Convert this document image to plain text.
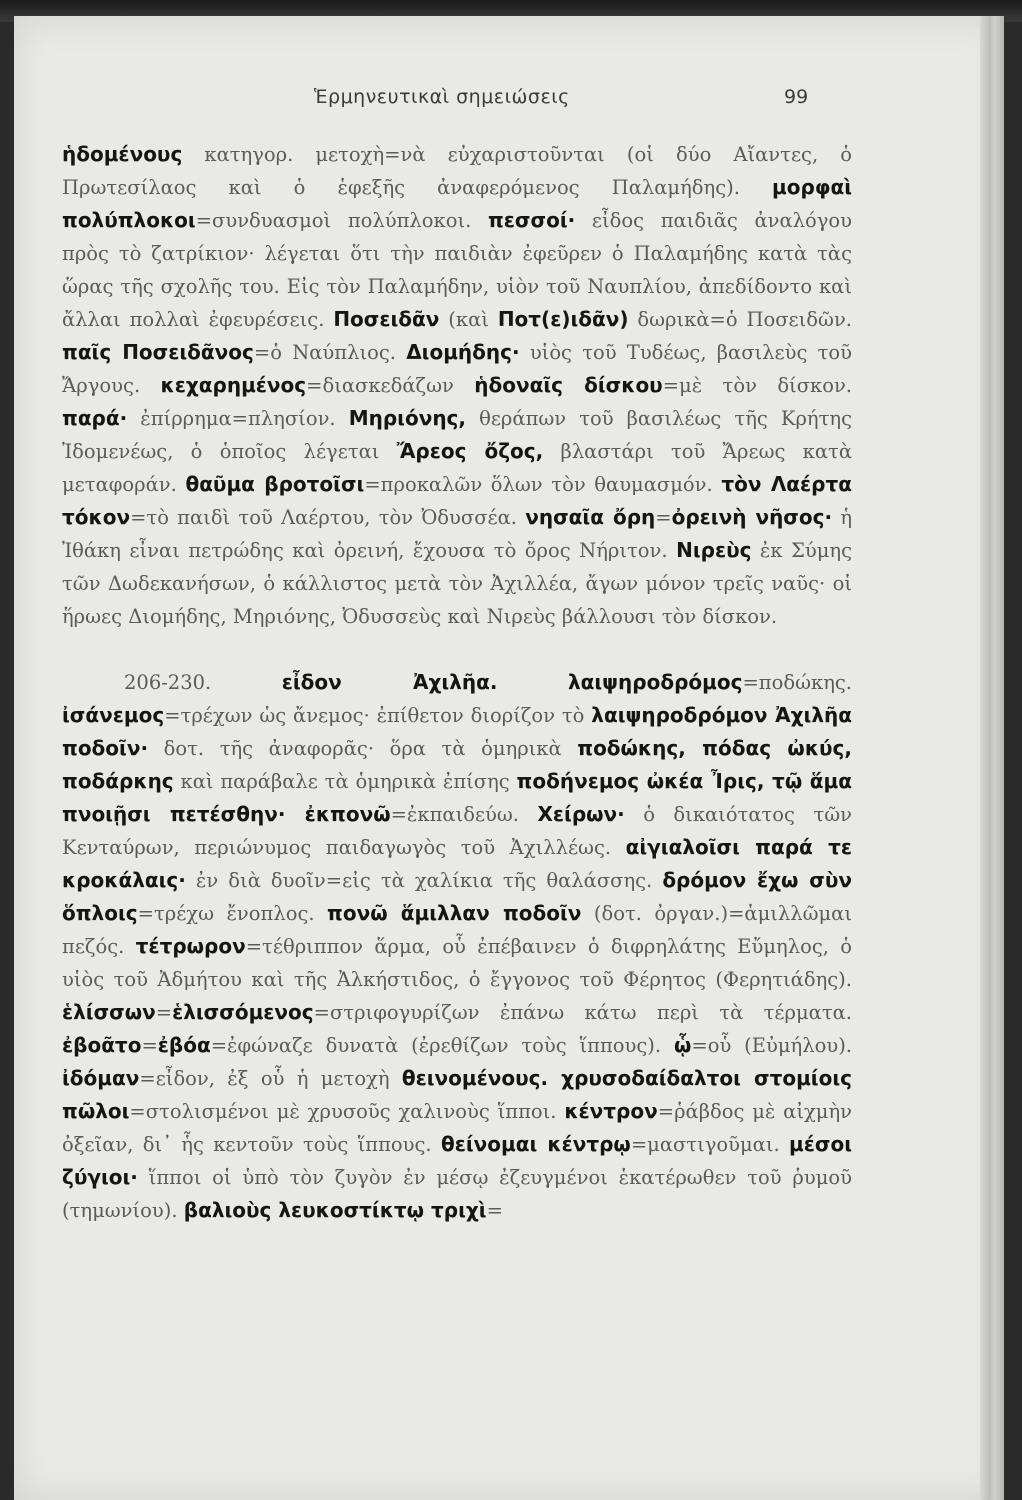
Ἑρμηνευτικαὶ σημειώσεις	99

ἡδομένους κατηγορ. μετοχὴ=νὰ εὐχαριστοῦνται (οἱ δύο Αἴαντες, ὁ Πρωτεσίλαος καὶ ὁ ἑφεξῆς ἀναφερόμενος Παλαμήδης). μορφαὶ πολύπλοκοι=συνδυασμοὶ πολύπλοκοι. πεσσοί· εἶδος παιδιᾶς ἀναλόγου πρὸς τὸ ζατρίκιον· λέγεται ὅτι τὴν παιδιὰν ἐφεῦρεν ὁ Παλαμήδης κατὰ τὰς ὥρας τῆς σχολῆς του. Εἰς τὸν Παλαμήδην, υἱὸν τοῦ Ναυπλίου, ἀπεδίδοντο καὶ ἄλλαι πολλαὶ ἐφευρέσεις. Ποσειδᾶν (καὶ Ποτ(ε)ιδᾶν) δωρικὰ=ὁ Ποσειδῶν. παῖς Ποσειδᾶνος=ὁ Ναύπλιος. Διομήδης· υἱὸς τοῦ Τυδέως, βασιλεὺς τοῦ Ἄργους. κεχαρημένος=διασκεδάζων ἡδοναῖς δίσκου=μὲ τὸν δίσκον. παρά· ἐπίρρημα=πλησίον. Μηριόνης, θεράπων τοῦ βασιλέως τῆς Κρήτης Ἰδομενέως, ὁ ὁποῖος λέγεται Ἄρεος ὄζος, βλαστάρι τοῦ Ἄρεως κατὰ μεταφοράν. θαῦμα βροτοῖσι=προκαλῶν ὅλων τὸν θαυμασμόν. τὸν Λαέρτα τόκον=τὸ παιδὶ τοῦ Λαέρτου, τὸν Ὀδυσσέα. νησαῖα ὄρη=ὀρεινὴ νῆσος· ἡ Ἰθάκη εἶναι πετρώδης καὶ ὀρεινή, ἔχουσα τὸ ὄρος Νήριτον. Νιρεὺς ἐκ Σύμης τῶν Δωδεκανήσων, ὁ κάλλιστος μετὰ τὸν Ἀχιλλέα, ἄγων μόνον τρεῖς ναῦς· οἱ ἥρωες Διομήδης, Μηριόνης, Ὀδυσσεὺς καὶ Νιρεὺς βάλλουσι τὸν δίσκον.

206-230. εἶδον Ἀχιλῆα.	λαιψηροδρόμος=ποδώκης. ἰσάνεμος=τρέχων ὡς ἄνεμος· ἐπίθετον διορίζον τὸ λαιψηροδρόμον Ἀχιλῆα ποδοῖν· δοτ. τῆς ἀναφορᾶς· ὅρα τὰ ὁμηρικὰ ποδώκης, πόδας ὠκύς, ποδάρκης καὶ παράβαλε τὰ ὁμηρικὰ ἐπίσης ποδήνεμος ὠκέα Ἶρις, τῷ ἅμα πνοιῇσι πετέσθην· ἐκπονῶ=ἐκπαιδεύω. Χείρων· ὁ δικαιότατος τῶν Κενταύρων, περιώνυμος παιδαγωγὸς τοῦ Ἀχιλλέως. αἰγιαλοῖσι παρά τε κροκάλαις· ἐν διὰ δυοῖν=εἰς τὰ χαλίκια τῆς θαλάσσης. δρόμον ἔχω σὺν ὅπλοις=τρέχω ἔνοπλος. πονῶ ἅμιλλαν ποδοῖν (δοτ. ὀργαν.)=ἁμιλλῶμαι πεζός. τέτρωρον=τέθριππον ἅρμα, οὗ ἐπέβαινεν ὁ διφρηλάτης Εὔμηλος, ὁ υἱὸς τοῦ Ἀδμήτου καὶ τῆς Ἀλκήστιδος, ὁ ἔγγονος τοῦ Φέρητος (Φερητιάδης). ἑλίσσων=ἑλισσόμενος=στριφογυρίζων ἐπάνω κάτω περὶ τὰ τέρματα. ἐβοᾶτο=ἐβόα=ἐφώναζε δυνατὰ (ἐρεθίζων τοὺς ἵππους). ᾧ=οὗ (Εὐμήλου). ἰδόμαν=εἶδον, ἐξ οὗ ἡ μετοχὴ θεινομένους. χρυσοδαίδαλτοι στομίοις πῶλοι=στολισμένοι μὲ χρυσοῦς χαλινοὺς ἵπποι. κέντρον=ῥάβδος μὲ αἰχμὴν ὀξεῖαν, δι᾽ ἧς κεντοῦν τοὺς ἵππους. θείνομαι κέντρῳ=μαστιγοῦμαι. μέσοι ζύγιοι· ἵπποι οἱ ὑπὸ τὸν ζυγὸν ἐν μέσῳ ἐζευγμένοι ἑκατέρωθεν τοῦ ῥυμοῦ (τημωνίου). βαλιοὺς λευκοστίκτῳ τριχὶ=
